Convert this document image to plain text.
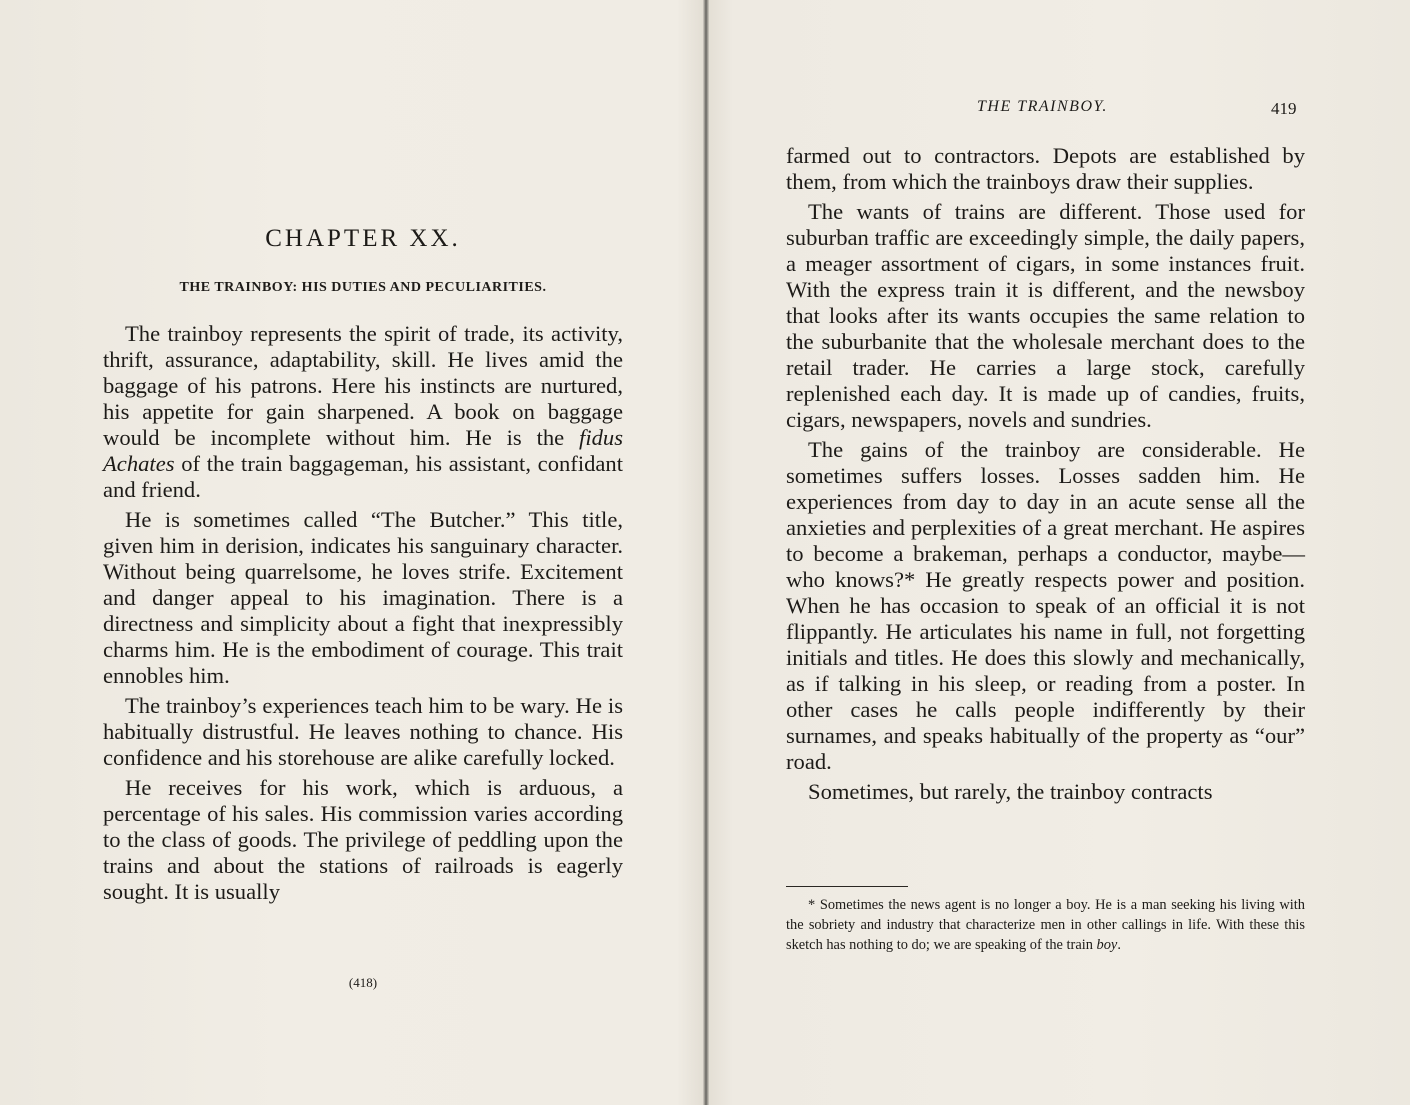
CHAPTER XX.
THE TRAINBOY: HIS DUTIES AND PECULIARITIES.

The trainboy represents the spirit of trade, its activity, thrift, assurance, adaptability, skill. He lives amid the baggage of his patrons. Here his instincts are nurtured, his appetite for gain sharpened. A book on baggage would be incomplete without him. He is the fidus Achates of the train baggageman, his assistant, confidant and friend.

He is sometimes called “The Butcher.” This title, given him in derision, indicates his sanguinary character. Without being quarrelsome, he loves strife. Excitement and danger appeal to his imagination. There is a directness and simplicity about a fight that inexpressibly charms him. He is the embodiment of courage. This trait ennobles him.

The trainboy’s experiences teach him to be wary. He is habitually distrustful. He leaves nothing to chance. His confidence and his storehouse are alike carefully locked.

He receives for his work, which is arduous, a percentage of his sales. His commission varies according to the class of goods. The privilege of peddling upon the trains and about the stations of railroads is eagerly sought. It is usually

(418)

THE TRAINBOY.	419

farmed out to contractors. Depots are established by them, from which the trainboys draw their supplies.

The wants of trains are different. Those used for suburban traffic are exceedingly simple, the daily papers, a meager assortment of cigars, in some instances fruit. With the express train it is different, and the newsboy that looks after its wants occupies the same relation to the suburbanite that the wholesale merchant does to the retail trader. He carries a large stock, carefully replenished each day. It is made up of candies, fruits, cigars, newspapers, novels and sundries.

The gains of the trainboy are considerable. He sometimes suffers losses. Losses sadden him. He experiences from day to day in an acute sense all the anxieties and perplexities of a great merchant. He aspires to become a brakeman, perhaps a conductor, maybe—who knows?* He greatly respects power and position. When he has occasion to speak of an official it is not flippantly. He articulates his name in full, not forgetting initials and titles. He does this slowly and mechanically, as if talking in his sleep, or reading from a poster. In other cases he calls people indifferently by their surnames, and speaks habitually of the property as “our” road.

Sometimes, but rarely, the trainboy contracts

* Sometimes the news agent is no longer a boy. He is a man seeking his living with the sobriety and industry that characterize men in other callings in life. With these this sketch has nothing to do; we are speaking of the train boy.
